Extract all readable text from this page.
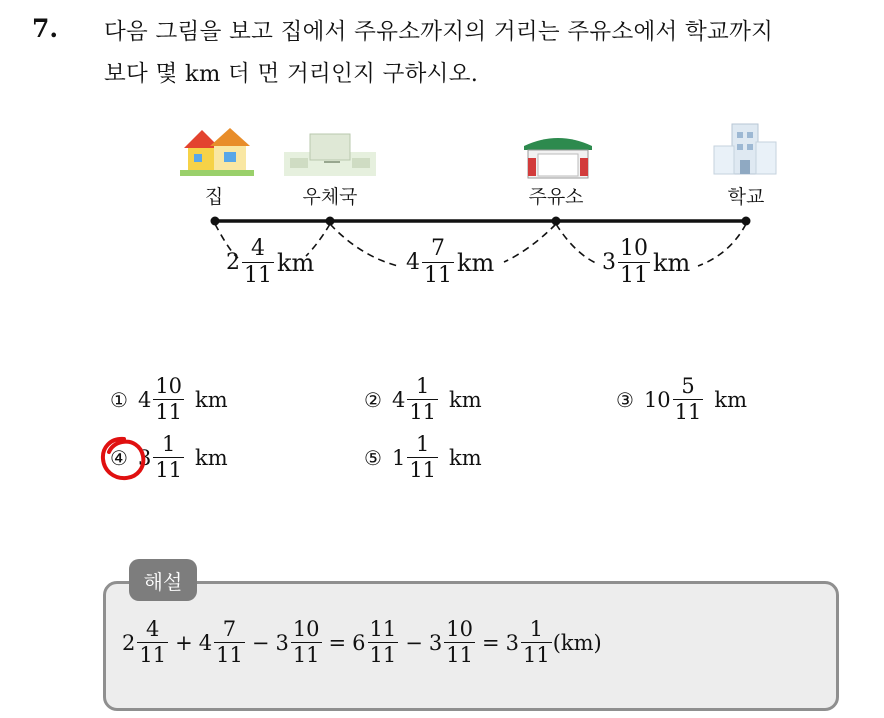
7. 다음 그림을 보고 집에서 주유소까지의 거리는 주유소에서 학교까지
보다 몇 km 더 먼 거리인지 구하시오.
집	우체국	주유소	학교
$2 \frac{4}{11}$ km	$4 \frac{7}{11}$ km	$3 \frac{10}{11}$ km
① $4 \frac{10}{11}$ km	② $4 \frac{1}{11}$ km	③ $10 \frac{5}{11}$ km
④ $3 \frac{1}{11}$ km	⑤ $1 \frac{1}{11}$ km
해설
$2 \frac{4}{11} + 4 \frac{7}{11} - 3 \frac{10}{11} = 6 \frac{11}{11} - 3 \frac{10}{11} = 3 \frac{1}{11} (km)$
